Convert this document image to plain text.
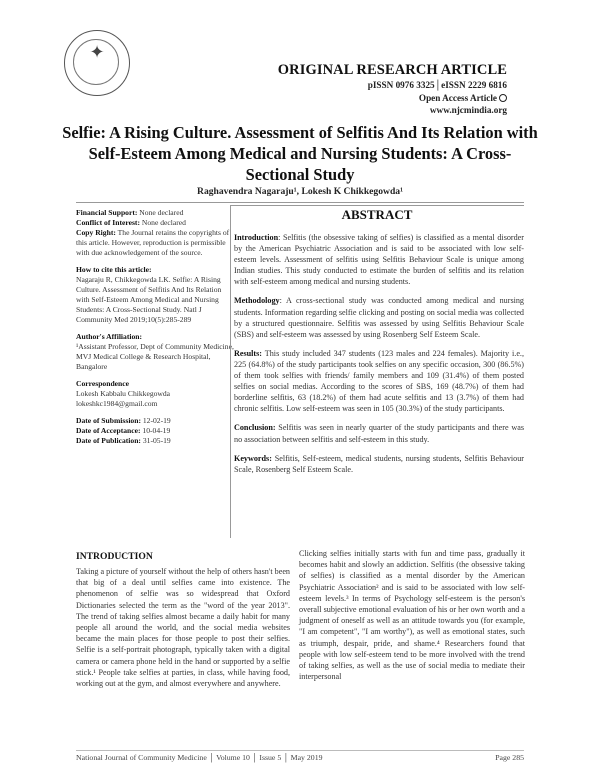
✦
ORIGINAL RESEARCH ARTICLE
pISSN 0976 3325│eISSN 2229 6816
Open Access Article
www.njcmindia.org
Selfie: A Rising Culture. Assessment of Selfitis And Its Relation with Self-Esteem Among Medical and Nursing Students: A Cross-Sectional Study
Raghavendra Nagaraju¹, Lokesh K Chikkegowda¹

Financial Support: None declared
Conflict of Interest: None declared
Copy Right: The Journal retains the copyrights of this article. However, reproduction is permissible with due acknowledgement of the source.

How to cite this article:
Nagaraju R, Chikkegowda LK. Selfie: A Rising Culture. Assessment of Selfitis And Its Relation with Self-Esteem Among Medical and Nursing Students: A Cross-Sectional Study. Natl J Community Med 2019;10(5):285-289

Author's Affiliation:
¹Assistant Professor, Dept of Community Medicine, MVJ Medical College & Research Hospital, Bangalore

Correspondence
Lokesh Kabbalu Chikkegowda
lokeshkc1984@gmail.com

Date of Submission: 12-02-19
Date of Acceptance: 10-04-19
Date of Publication: 31-05-19

ABSTRACT

Introduction: Selfitis (the obsessive taking of selfies) is classified as a mental disorder by the American Psychiatric Association and is said to be associated with low self-esteem levels. Assessment of selfitis using Selfitis Behaviour Scale is unique among Indian studies. This study conducted to estimate the burden of selfitis and its relation with self-esteem among medical and nursing students.

Methodology: A cross-sectional study was conducted among medical and nursing students. Information regarding selfie clicking and posting on social media was collected by a structured questionnaire. Selfitis was assessed by using Selfitis Behaviour Scale (SBS) and self-esteem was assessed by using Rosenberg Self Esteem Scale.

Results: This study included 347 students (123 males and 224 females). Majority i.e., 225 (64.8%) of the study participants took selfies on any specific occasion, 300 (86.5%) of them took selfies with friends/ family members and 109 (31.4%) of them posted selfies on social medias. According to the scores of SBS, 169 (48.7%) of them had borderline selfitis, 63 (18.2%) of them had acute selfitis and 13 (3.7%) of them had chronic selfitis. Low self-esteem was seen in 105 (30.3%) of the study participants.

Conclusion: Selfitis was seen in nearly quarter of the study participants and there was no association between selfitis and self-esteem in this study.

Keywords: Selfitis, Self-esteem, medical students, nursing students, Selfitis Behaviour Scale, Rosenberg Self Esteem Scale.

INTRODUCTION

Taking a picture of yourself without the help of others hasn't been that big of a deal until selfies came into existence. The phenomenon of selfie was so widespread that Oxford Dictionaries selected the term as the "word of the year 2013". The trend of taking selfies almost became a daily habit for many people all around the world, and the social media websites became the main places for those people to post their selfies. Selfie is a self-portrait photograph, typically taken with a digital camera or camera phone held in the hand or supported by a selfie stick.¹ People take selfies at parties, in class, while having food, working out at the gym, and almost everywhere and anywhere.

Clicking selfies initially starts with fun and time pass, gradually it becomes habit and slowly an addiction. Selfitis (the obsessive taking of selfies) is classified as a mental disorder by the American Psychiatric Association² and is said to be associated with low self-esteem levels.³ In terms of Psychology self-esteem is the person's overall subjective emotional evaluation of his or her own worth and a judgment of oneself as well as an attitude towards you (for example, "I am competent", "I am worthy"), as well as emotional states, such as triumph, despair, pride, and shame.⁴ Researchers found that people with low self-esteem tend to be more involved with the trend of taking selfies, as well as the use of social media to mediate their interpersonal

National Journal of Community Medicine │ Volume 10 │ Issue 5 │ May 2019	Page 285
